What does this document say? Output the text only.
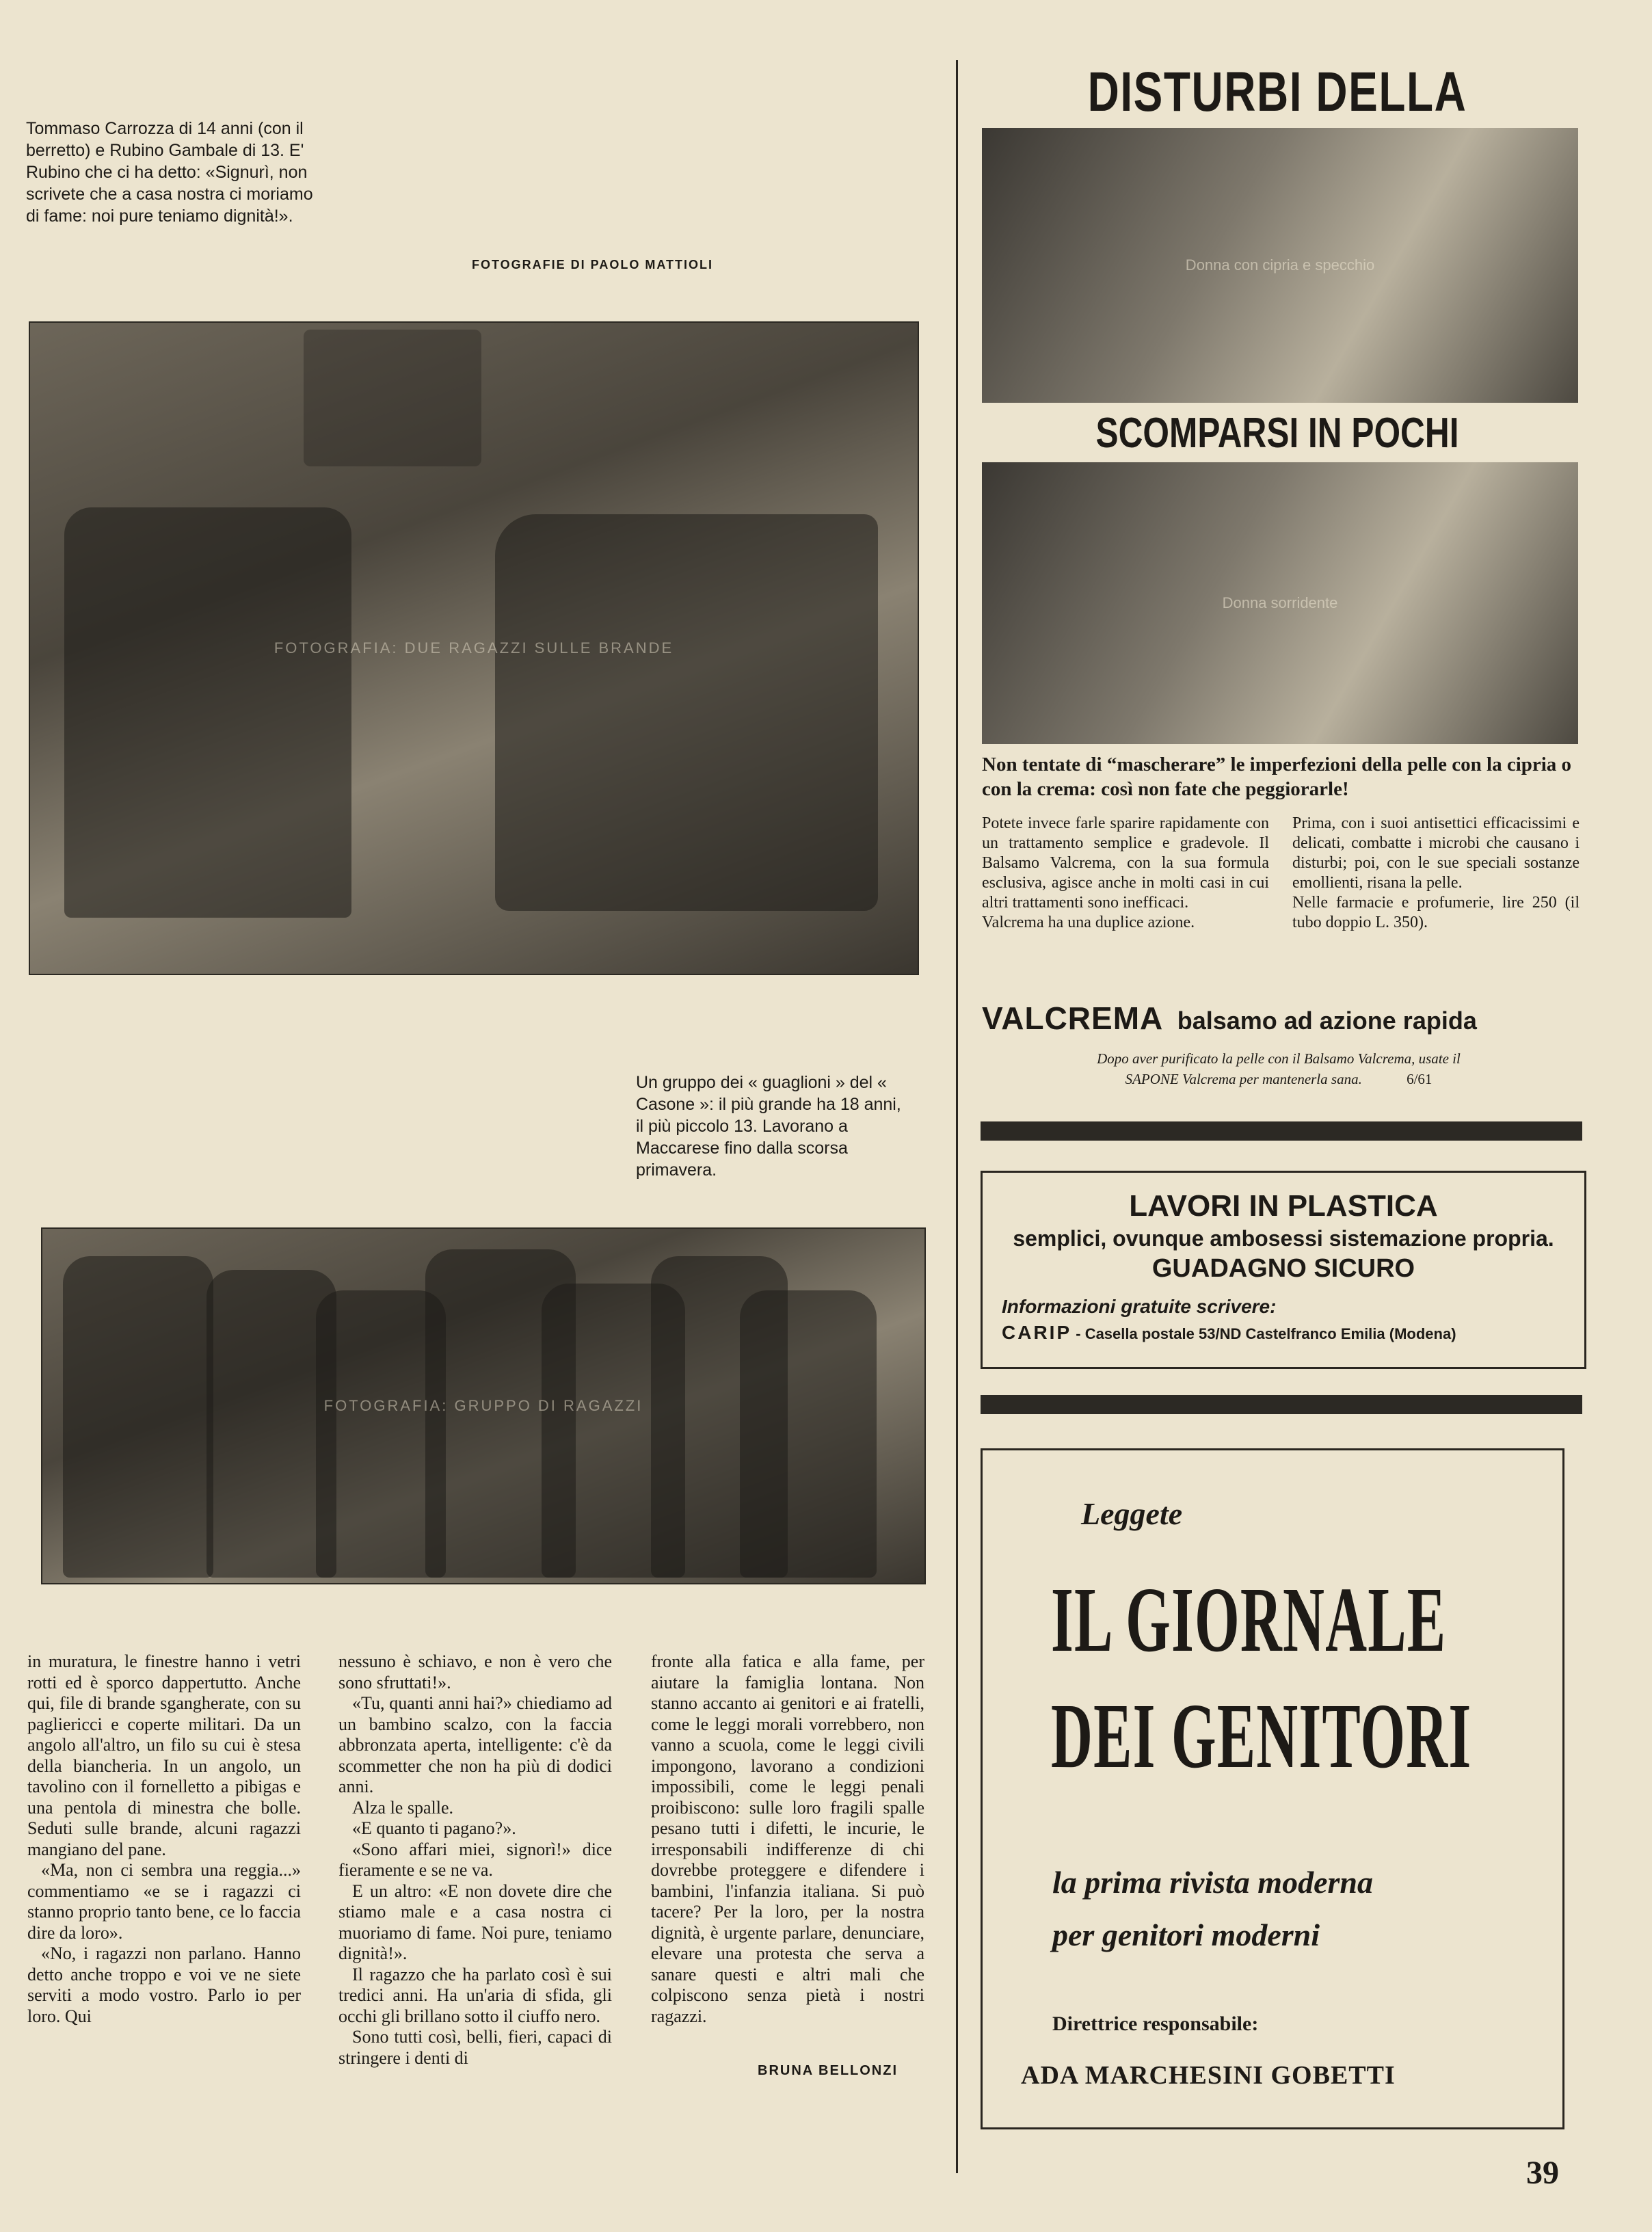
Tommaso Carrozza di 14 anni (con il berretto) e Rubino Gambale di 13. E' Rubino che ci ha detto: «Signurì, non scrivete che a casa nostra ci moriamo di fame: noi pure teniamo dignità!».
FOTOGRAFIE DI PAOLO MATTIOLI
FOTOGRAFIA: DUE RAGAZZI SULLE BRANDE
Un gruppo dei « guaglioni » del « Casone »: il più grande ha 18 anni, il più piccolo 13. Lavorano a Maccarese fino dalla scorsa primavera.
FOTOGRAFIA: GRUPPO DI RAGAZZI

in muratura, le finestre hanno i vetri rotti ed è sporco dappertutto. Anche qui, file di brande sgangherate, con su pagliericci e coperte militari. Da un angolo all'altro, un filo su cui è stesa della biancheria. In un angolo, un tavolino con il fornelletto a pibigas e una pentola di minestra che bolle. Seduti sulle brande, alcuni ragazzi mangiano del pane.

«Ma, non ci sembra una reggia...» commentiamo «e se i ragazzi ci stanno proprio tanto bene, ce lo faccia dire da loro».

«No, i ragazzi non parlano. Hanno detto anche troppo e voi ve ne siete serviti a modo vostro. Parlo io per loro. Qui

nessuno è schiavo, e non è vero che sono sfruttati!».

«Tu, quanti anni hai?» chiediamo ad un bambino scalzo, con la faccia abbronzata aperta, intelligente: c'è da scommetter che non ha più di dodici anni.

Alza le spalle.

«E quanto ti pagano?».

«Sono affari miei, signorì!» dice fieramente e se ne va.

E un altro: «E non dovete dire che stiamo male e a casa nostra ci muoriamo di fame. Noi pure, teniamo dignità!».

Il ragazzo che ha parlato così è sui tredici anni. Ha un'aria di sfida, gli occhi gli brillano sotto il ciuffo nero.

Sono tutti così, belli, fieri, capaci di stringere i denti di

fronte alla fatica e alla fame, per aiutare la famiglia lontana. Non stanno accanto ai genitori e ai fratelli, come le leggi morali vorrebbero, non vanno a scuola, come le leggi civili impongono, lavorano a condizioni impossibili, come le leggi penali proibiscono: sulle loro fragili spalle pesano tutti i difetti, le incurie, le irresponsabili indifferenze di chi dovrebbe proteggere e difendere i bambini, l'infanzia italiana. Si può tacere? Per la loro, per la nostra dignità, è urgente parlare, denunciare, elevare una protesta che serva a sanare questi e altri mali che colpiscono senza pietà i nostri ragazzi.

BRUNA BELLONZI
DISTURBI DELLA
Donna con cipria e specchio
SCOMPARSI IN POCHI
Donna sorridente
Non tentate di “mascherare” le imperfezioni della pelle con la cipria o con la crema: così non fate che peggiorarle!

Potete invece farle sparire rapidamente con un trattamento semplice e gradevole. Il Balsamo Valcrema, con la sua formula esclusiva, agisce anche in molti casi in cui altri trattamenti sono inefficaci.

Valcrema ha una duplice azione.

Prima, con i suoi antisettici efficacissimi e delicati, combatte i microbi che causano i disturbi; poi, con le sue speciali sostanze emollienti, risana la pelle.

Nelle farmacie e profumerie, lire 250 (il tubo doppio L. 350).

VALCREMA balsamo ad azione rapida
Dopo aver purificato la pelle con il Balsamo Valcrema, usate il
SAPONE Valcrema per mantenerla sana.	6/61
LAVORI IN PLASTICA
semplici, ovunque ambosessi sistemazione propria.
GUADAGNO SICURO
Informazioni gratuite scrivere:
CARIP - Casella postale 53/ND Castelfranco Emilia (Modena)
Leggete
IL GIORNALE
DEI GENITORI
la prima rivista moderna
per genitori moderni
Direttrice responsabile:
ADA MARCHESINI GOBETTI
39
